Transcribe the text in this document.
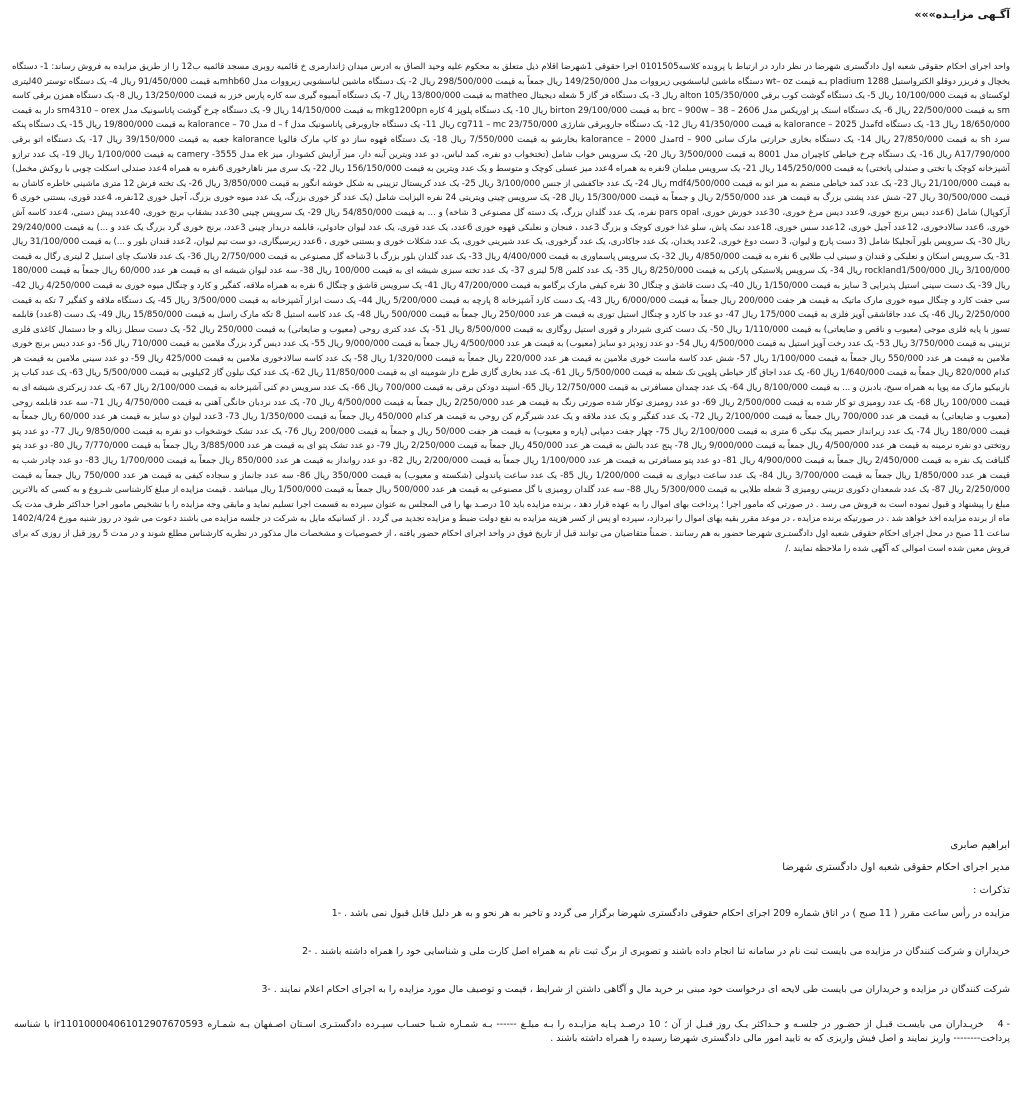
آگـهی مزایـده»»»
واحد اجرای احکام حقوقی شعبه اول دادگستری شهرضا در نظر دارد در ارتباط با پرونده کلاسه0101505 اجرا حقوقی 1شهرضا اقلام ذیل متعلق به محکوم علیه وحید الصاق به ادرس میدان ژاندارمری خ قائمیه روبری مسجد قائمیه ب‌12 را از طریق مزایده به فروش رساند: 1- دستگاه یخچال و فریزر دوقلو الکترواستیل pladium 1288 بـه قیمت wt– oz دستگاه ماشین لباسشویی زیرووات مدل 149/250/000 ریال جمعاً به قیمت 298/500/000 ریال 2- یک دستگاه ماشین لباسشویی زیرووات مدل mhb60به قیمت 91/450/000 ریال 4- یک دستگاه توستر 40لیتری لوکستای به قیمت 10/100/000 ریال 5- یک دستگاه گوشت کوب برقی alton 105/350/000 ریال 3- یک دستگاه فر گاز 5 شعله دیجیتال matheo به قیمت 13/800/000 ریال 7- یک دستگاه آبمیوه گیری سه کاره پارس خزر به قیمت 13/250/000 ریال 8- یک دستگاه همزن برقی کاسه sm به قیمت 22/500/000 ریال 6- یک دستگاه اسنک پز اوریکس مدل 2606 – 38 – brc – 900w به قیمت birton 29/100/000 ریال 10- یک دستگاه پلوپز 4 کاره mkg1200pn به قیمت 14/150/000 ریال 9- یک دستگاه چرخ گوشت پاناسونیک مدل sm4310 – orex دار به قیمت 18/650/000 ریال 13- یک دستگاه fdمدل 2025 – kalorance به قیمت 41/350/000 ریال 12- یک دستگاه جاروبرقی شارژی cg711 – mc 23/750/000 ریال 11- یک دستگاه جاروبرقی پاناسونیک مدل d – f مدل 70 – kalorance به قیمت 19/800/000 ریال 15- یک دستگاه پنکه سرد sh به قیمت 27/850/000 ریال 14- یک دستگاه بخاری حرارتی مارک سانی 900 – rdمدل 2000 – kalorance بخارشو به قیمت 7/550/000 ریال 18- یک دستگاه قهوه ساز دو کاپ مارک فالویا kalorance جعبه به قیمت 39/150/000 ریال 17- یک دستگاه اتو برقی A17/790/000 ریال 16- یک دستگاه چرخ خیاطی کاچیران مدل 8001 به قیمت 3/500/000 ریال 20- یک سرویس خواب شامل (تختخواب دو نفره، کمد لباس، دو عدد ویترین آینه دار، میز آرایش کشودار، میز ek مدل 3555- camery به قیمت 1/100/000 ریال 19- یک عدد ترازو آشپزخانه کوچک یا تختی و صندلی پاتختی) به قیمت 145/250/000 ریال 21- یک سرویس مبلمان 9نفره به همراه 4عدد میز عسلی کوچک و متوسط و یک عدد ویترین به قیمت 156/150/000 ریال 22- یک سری میز ناهارخوری 6نفره به همراه 4عدد صندلی اسکلت چوبی با روکش مخمل) به قیمت 21/100/000 ریال 23- یک عدد کمد خیاطی منضم به میز اتو به قیمت mdf4/500/000 ریال 24- یک عدد جاکفشی از جنس 3/100/000 ریال 25- یک عدد کریستال تزیینی به شکل خوشه انگور به قیمت 3/850/000 ریال 26- یک تخته فرش 12 متری ماشینی خاطره کاشان به قیمت 30/500/000 ریال 27- شش عدد پشتی بزرگ به قیمت هر عدد 2/550/000 ریال و جمعاً به قیمت 15/300/000 ریال 28- یک سرویس چینی ویتریتی 24 نفره الیزابت شامل (یک عدد گز خوری بزرگ، یک عدد میوه خوری بزرگ، آجیل خوری 12نفره، 4عدد قوری، بستنی خوری 6 آرکوپال) شامل (6عدد دیس برنج خوری، 9عدد دیس مرغ خوری، 30عدد خورش خوری، pars opal نفره، یک عدد گلدان بزرگ، یک دسته گل مصنوعی 3 شاخه) و ... به قیمت 54/850/000 ریال 29- یک سرویس چینی 30عدد بشقاب برنج خوری، 40عدد پیش دستی، 4عدد کاسه آش خوری، 6عدد سالادخوری، 12عدد آجیل خوری، 12عدد سس خوری، 18عدد نمک پاش، سلو غذا خوری کوچک و بزرگ 3عدد ، فنجان و نعلبکی قهوه خوری 6عدد، یک عدد قوری، یک عدد لیوان جادوئی، قابلمه دربدار چینی 3عدد، برنج خوری گرد بزرگ یک عدد و ...) به قیمت 29/240/000 ریال 30- یک سرویس بلور آنجلیکا شامل (3 دست پارچ و لیوان، 3 دست دوغ خوری، 2عدد پخدان، یک عدد جاکادری، یک عدد گزخوری، یک عدد شیرینی خوری، یک عدد شکلات خوری و بستنی خوری ، 6عدد زیرسیگاری، دو ست تیم لیوان، 2عدد قندان بلور و ...) به قیمت 31/100/000 ریال 31- یک سرویس اسکان و نعلبکی و قندان و سینی لب طلایی 6 نفره به قیمت 4/850/000 ریال 32- یک سرویس پاسماوری به قیمت 4/400/000 ریال 33- یک عدد گلدان بلور بزرگ با 3شاخه گل مصنوعی به قیمت 2/750/000 ریال 36- یک عدد فلاسک چای استیل 2 لیتری رگال به قیمت 3/100/000 ریال rockland1/500/000 ریال 34- یک سرویس پلاستیکی پارکی به قیمت 8/250/000 ریال 35- یک عدد کلمن 5/8 لیتری 37- یک عدد تخته سبزی شیشه ای به قیمت 100/000 ریال 38- سه عدد لیوان شیشه ای به قیمت هر عدد 60/000 ریال جمعاً به قیمت 180/000 ریال 39- یک دست سینی استیل پذیرایی 3 سایز به قیمت 1/150/000 ریال 40- یک دست قاشق و چنگال 30 نفره کیفی مارک برگامو به قیمت 47/200/000 ریال 41- یک سرویس قاشق و چنگال 6 نفره به همراه ملاقه، کفگیر و کارد و چنگال میوه خوری به قیمت 4/250/000 ریال 42- سی جفت کارد و چنگال میوه خوری مارک ماتیک به قیمت هر جفت 200/000 ریال جمعاً به قیمت 6/000/000 ریال 43- یک دست کارد آشپزخانه 8 پارچه به قیمت 5/200/000 ریال 44- یک دست ابزار آشپزخانه به قیمت 3/500/000 ریال 45- یک دستگاه ملاقه و کفگیر 7 تکه به قیمت 2/250/000 ریال 46- یک عدد جاقاشقی آویز فلزی به قیمت 175/000 ریال 47- دو عدد جا کارد و چنگال استیل توری به قیمت هر عدد 250/000 ریال جمعاً به قیمت 500/000 ریال 48- یک عدد کاسه استیل 8 تکه مارک راسل به قیمت 15/850/000 ریال 49- یک دست (8عدد) قابلمه تسوز با پایه فلزی موجی (معیوب و ناقص و ضایعاتی) به قیمت 1/110/000 ریال 50- یک دست کتری شیردار و قوری استیل روگازی به قیمت 8/500/000 ریال 51- یک عدد کتری روحی (معیوب و ضایعاتی) به قیمت 250/000 ریال 52- یک دست سطل زباله و جا دستمال کاغذی فلزی تزیینی به قیمت 3/750/000 ریال 53- یک عدد رخت آویز استیل به قیمت 4/500/000 ریال 54- دو عدد زودپز دو سایز (معیوب) به قیمت هر عدد 4/500/000 ریال جمعاً به قیمت 9/000/000 ریال 55- یک عدد دیس گرد بزرگ ملامین به قیمت 710/000 ریال 56- دو عدد دیس برنج خوری ملامین به قیمت هر عدد 550/000 ریال جمعاً به قیمت 1/100/000 ریال 57- شش عدد کاسه ماست خوری ملامین به قیمت هر عدد 220/000 ریال جمعاً به قیمت 1/320/000 ریال 58- یک عدد کاسه سالادخوری ملامین به قیمت 425/000 ریال 59- دو عدد سینی ملامین به قیمت هر کدام 820/000 ریال جمعاً به قیمت 1/640/000 ریال 60- یک عدد اجاق گاز خیاطی پلوپی تک شعله به قیمت 5/500/000 ریال 61- یک عدد بخاری گازی طرح دار شومینه ای به قیمت 11/850/000 ریال 62- یک عدد کیک نیلون گاز 2کیلویی به قیمت 5/500/000 ریال 63- یک عدد کباب پز باربیکیو مارک مه پویا به همراه سیخ، بادبزن و ... به قیمت 8/100/000 ریال 64- یک عدد چمدان مسافرتی به قیمت 12/750/000 ریال 65- اسپند دودکن برقی به قیمت 700/000 ریال 66- یک عدد سرویس دم کنی آشپزخانه به قیمت 2/100/000 ریال 67- یک عدد زیرکتری شیشه ای به قیمت 100/000 ریال 68- یک عدد رومیزی تو کار شده به قیمت 2/500/000 ریال 69- دو عدد رومیزی توکار شده صورتی رنگ به قیمت هر عدد 2/250/000 ریال جمعاً به قیمت 4/500/000 ریال 70- یک عدد نردبان خانگی آهنی به قیمت 4/750/000 ریال 71- سه عدد قابلمه روحی (معیوب و ضایعاتی) به قیمت هر عدد 700/000 ریال جمعاً به قیمت 2/100/000 ریال 72- یک عدد کفگیر و یک عدد ملاقه و یک عدد شیرگرم کن روحی به قیمت هر کدام 450/000 ریال جمعاً به قیمت 1/350/000 ریال 73- 3عدد لیوان دو سایز به قیمت هر عدد 60/000 ریال جمعاً به قیمت 180/000 ریال 74- یک عدد زیرانداز حصیر پیک نیکی 6 متری به قیمت 2/100/000 ریال 75- چهار جفت دمپایی (پاره و معیوب) به قیمت هر جفت 50/000 ریال و جمعاً به قیمت 200/000 ریال 76- یک عدد تشک خوشخواب دو نفره به قیمت 9/850/000 ریال 77- دو عدد پتو روتختی دو نفره نرمینه به قیمت هر عدد 4/500/000 ریال جمعاً به قیمت 9/000/000 ریال 78- پنج عدد بالش به قیمت هر عدد 450/000 ریال جمعاً به قیمت 2/250/000 ریال 79- دو عدد تشک پتو ای به قیمت هر عدد 3/885/000 ریال جمعاً به قیمت 7/770/000 ریال 80- دو عدد پتو گلبافت یک نفره به قیمت 2/450/000 ریال جمعاً به قیمت 4/900/000 ریال 81- دو عدد پتو مسافرتی به قیمت هر عدد 1/100/000 ریال جمعاً به قیمت 2/200/000 ریال 82- دو عدد روانداز به قیمت هر عدد 850/000 ریال جمعاً به قیمت 1/700/000 ریال 83- دو عدد چادر شب به قیمت هر عدد 1/850/000 ریال جمعاً به قیمت 3/700/000 ریال 84- یک عدد ساعت دیواری به قیمت 1/200/000 ریال 85- یک عدد ساعت پاندولی (شکسته و معیوب) به قیمت 350/000 ریال 86- سه عدد جانماز و سجاده کیفی به قیمت هر عدد 750/000 ریال جمعاً به قیمت 2/250/000 ریال 87- یک عدد شمعدان دکوری تزیینی رومیزی 3 شعله طلایی به قیمت 5/300/000 ریال 88- سه عدد گلدان رومیزی با گل مصنوعی به قیمت هر عدد 500/000 ریال جمعاً به قیمت 1/500/000 ریال میباشد . قیمت مزایده از مبلغ کارشناسی شـروع و به کسی که بالاترین مبلغ را پیشنهاد و قبول نموده است به فروش می رسد . در صورتی که مامور اجرا ؛ پرداخت بهای اموال را به عهده قرار دهد ، برنده مزایده باید 10 درصـد بها را فی المجلس به عنوان سپرده به قسمت اجرا تسلیم نماید و مابقی وجه مزایده را با تشخیص مامور اجرا حداکثر ظرف مدت یک ماه از برنده مزایده اخذ خواهد شد . در صورتیکه برنده مزایده ، در موعد مقرر بقیه بهای اموال را نپردازد، سپرده او پس از کسر هزینه مزایده به نفع دولت ضبط و مزایده تجدید می گردد . از کسانیکه مایل به شرکت در جلسه مزایده می باشند دعوت می شود در روز شنبه مورخ 1402/4/24 ساعت 11 صبح در محل اجرای احکام حقوقی شعبه اول دادگستـری شهرضا حضور به هم رسانند . ضمناً متقاضیان می توانند قبل از تاریخ فوق در واحد اجرای احکام حضور یافته ، از خصوصیات و مشخصات مال مذکور در نظریه کارشناس مطلع شوند و در مدت 5 روز قبل از روزی که برای فروش معین شده است اموالی که آگهی شده را ملاحظه نمایند ./
ابراهیم صابری
مدیر اجرای احکام حقوقی شعبه اول دادگستری شهرضا
تذکرات :
مزایده در رأس ساعت مقرر ( 11 صبح ) در اتاق شماره 209 اجرای احکام حقوقی دادگستری شهرضا برگزار می گردد و تاخیر به هر نحو و به هر دلیل قابل قبول نمی باشد . -1
خریداران و شرکت کنندگان در مزایده می بایست ثبت نام در سامانه ثنا انجام داده باشند و تصویری از برگ ثبت نام به همراه اصل کارت ملی و شناسایی خود را همراه داشته باشند . -2
شرکت کنندگان در مزایده و خریداران می بایست طی لایحه ای درخواست خود مبنی بر خرید مال و آگاهی داشتن از شرایط ، قیمت و توصیف مال مورد مزایده را به اجرای احکام اعلام نمایند . -3
- 4 خریـداران می بایسـت قبـل از حضـور در جلسـه و حـداکثر یـک روز قبـل از آن ؛ 10 درصـد پـایه مزایـده را بـه مبلـغ ------ بـه شمـاره شـبا حسـاب سپـرده دادگستـری اسـتان اصـفهان بـه شمـاره ir110100004061012907670593 با شناسه پرداخت-------- واریز نمایند و اصل فیش واریزی که به تایید امور مالی دادگستری شهرضا رسیده را همراه داشته باشند .
